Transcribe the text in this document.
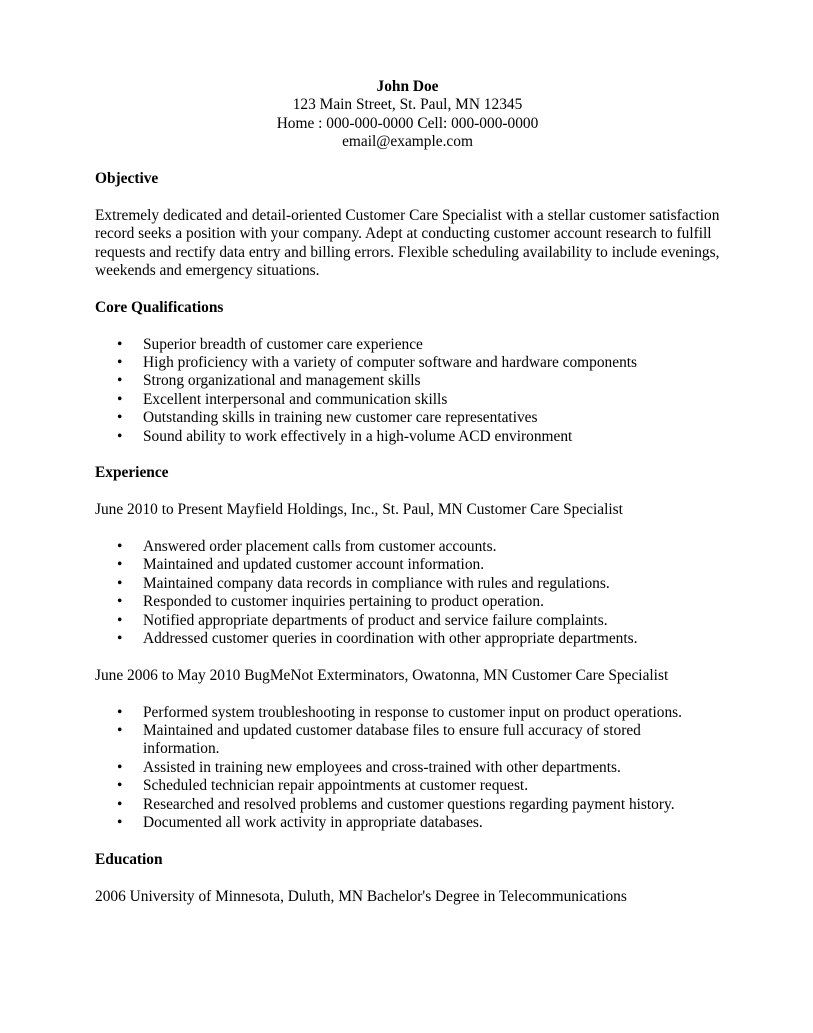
John Doe
123 Main Street, St. Paul, MN 12345
Home : 000-000-0000 Cell: 000-000-0000
email@example.com
Objective

Extremely dedicated and detail-oriented Customer Care Specialist with a stellar customer satisfaction record seeks a position with your company. Adept at conducting customer account research to fulfill requests and rectify data entry and billing errors. Flexible scheduling availability to include evenings, weekends and emergency situations.

Core Qualifications
• Superior breadth of customer care experience
• High proficiency with a variety of computer software and hardware components
• Strong organizational and management skills
• Excellent interpersonal and communication skills
• Outstanding skills in training new customer care representatives
• Sound ability to work effectively in a high-volume ACD environment
Experience

June 2010 to Present Mayfield Holdings, Inc., St. Paul, MN Customer Care Specialist

• Answered order placement calls from customer accounts.
• Maintained and updated customer account information.
• Maintained company data records in compliance with rules and regulations.
• Responded to customer inquiries pertaining to product operation.
• Notified appropriate departments of product and service failure complaints.
• Addressed customer queries in coordination with other appropriate departments.

June 2006 to May 2010 BugMeNot Exterminators, Owatonna, MN Customer Care Specialist

• Performed system troubleshooting in response to customer input on product operations.
• Maintained and updated customer database files to ensure full accuracy of stored information.
• Assisted in training new employees and cross-trained with other departments.
• Scheduled technician repair appointments at customer request.
• Researched and resolved problems and customer questions regarding payment history.
• Documented all work activity in appropriate databases.
Education

2006 University of Minnesota, Duluth, MN Bachelor's Degree in Telecommunications
